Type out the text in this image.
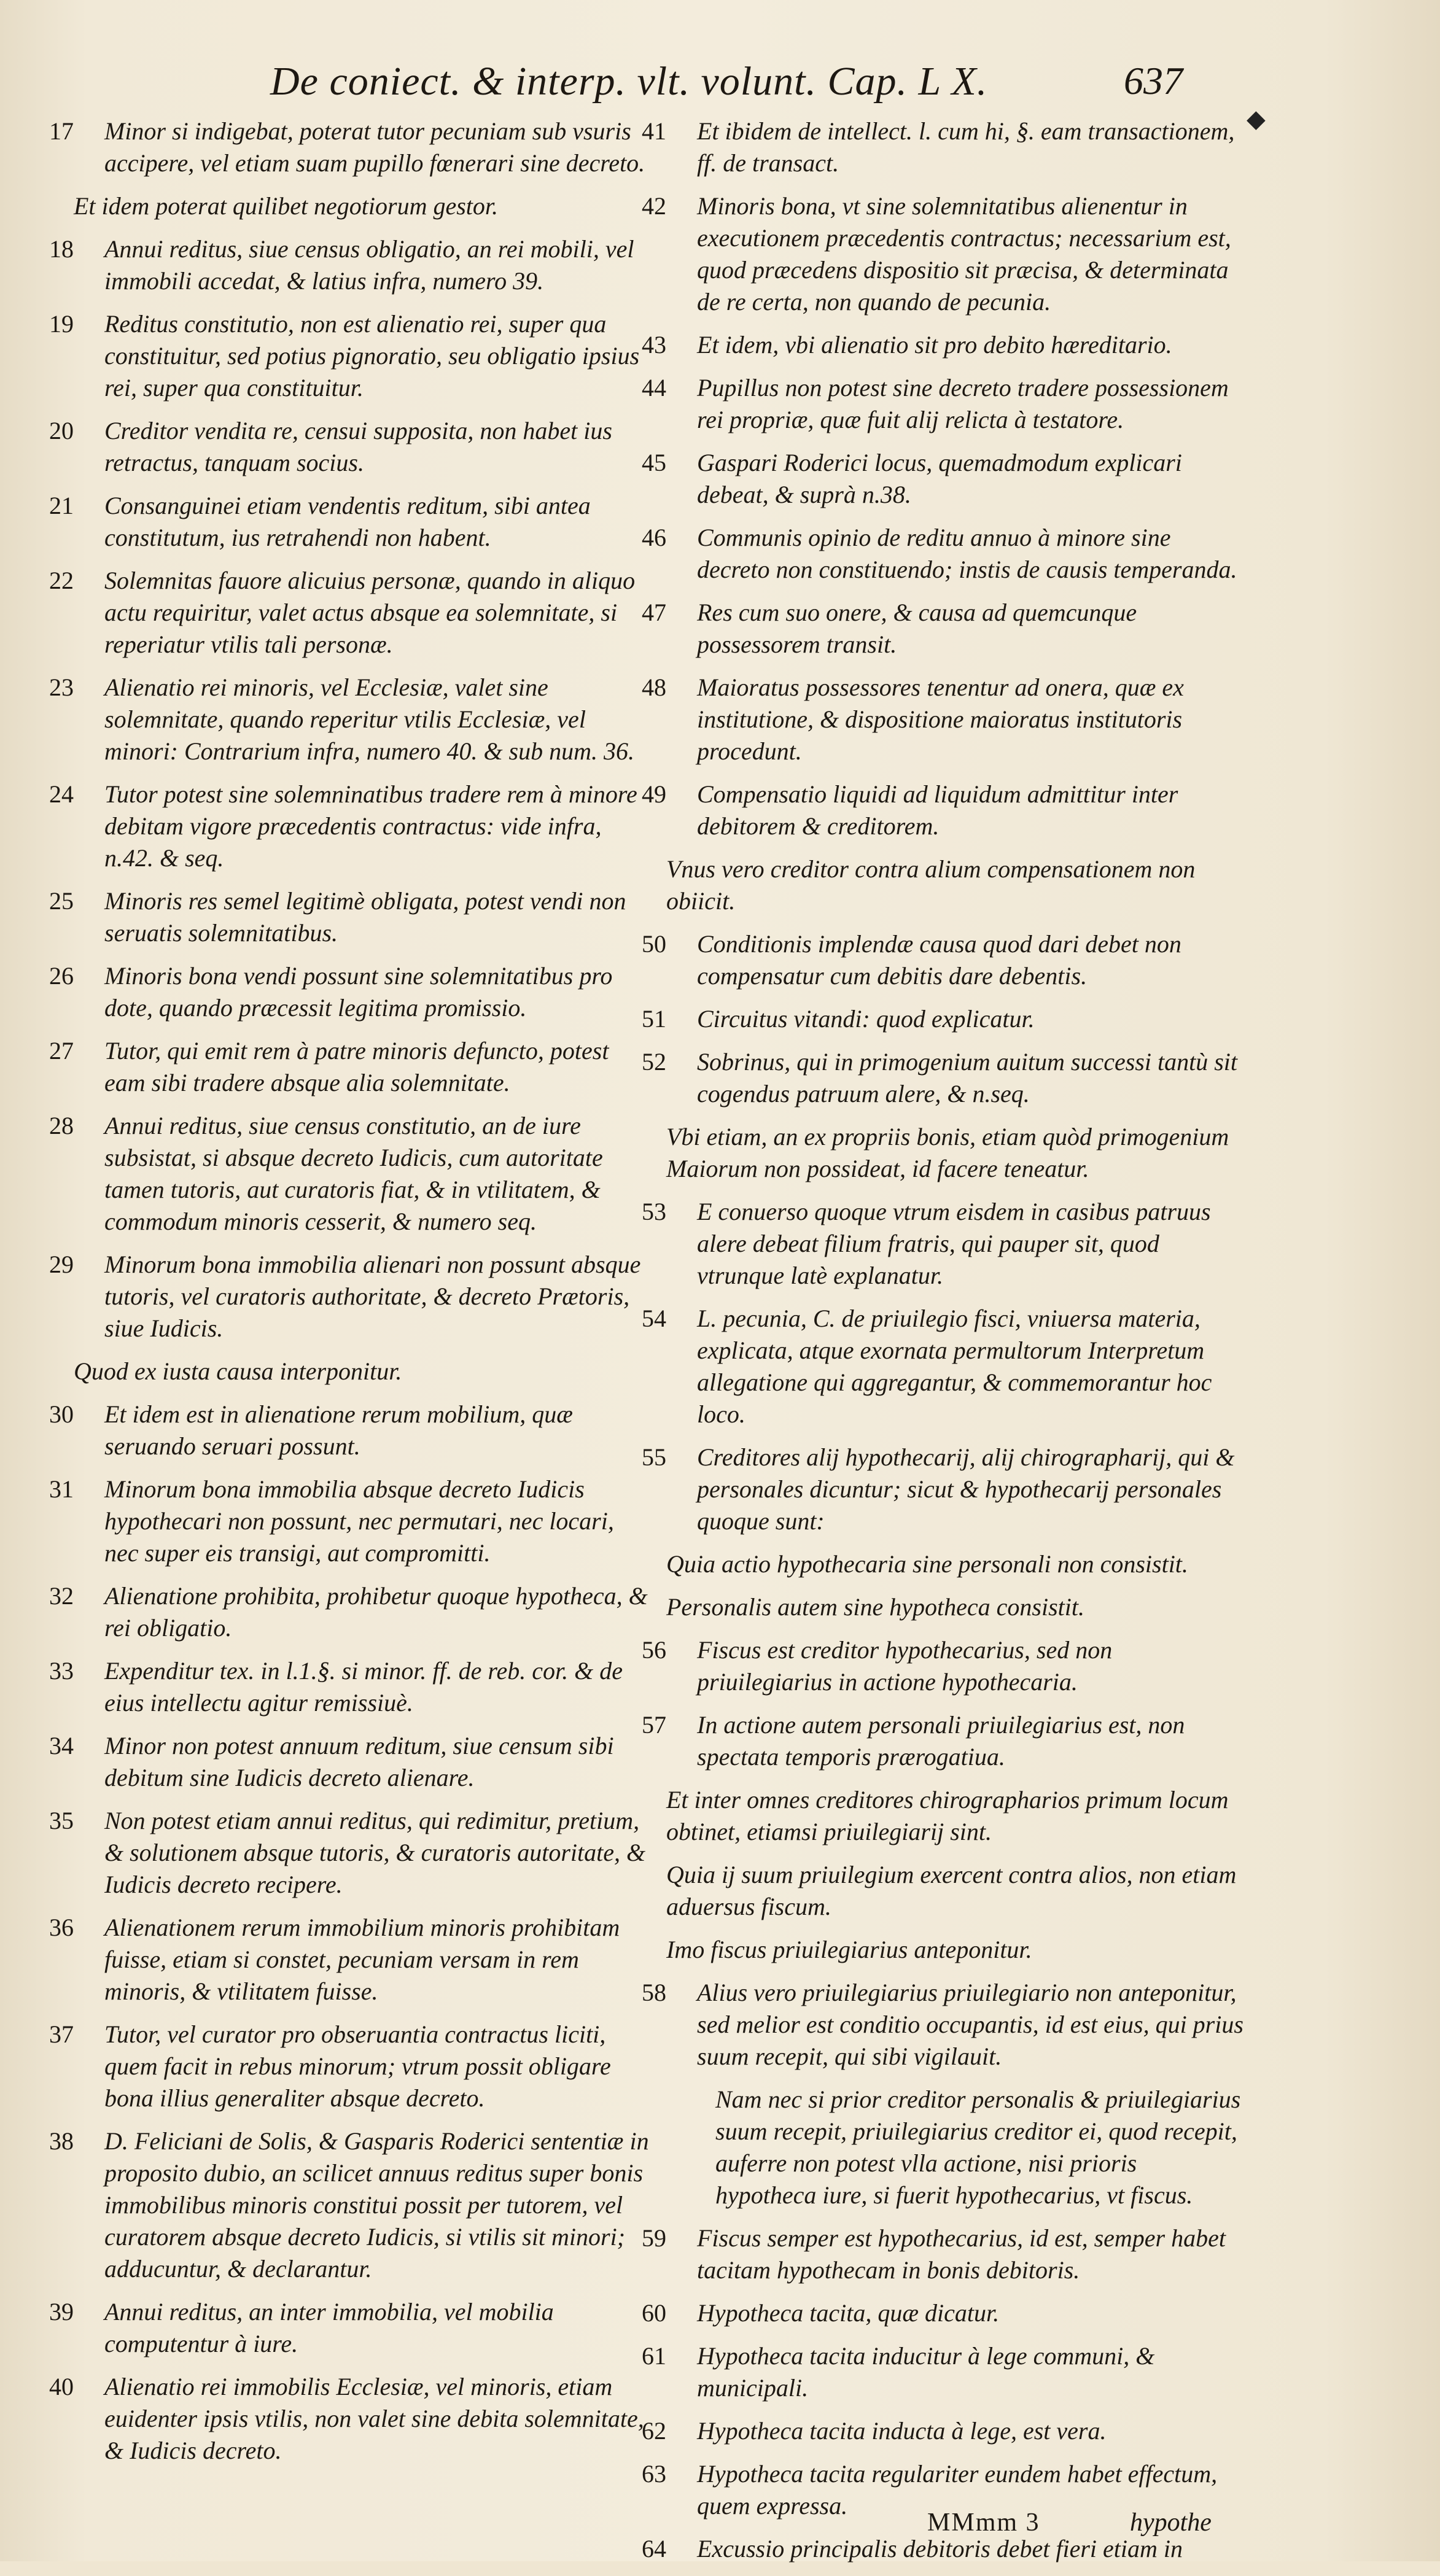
De coniect. & interp. vlt. volunt. Cap. L X.	637
◆
17	Minor si indigebat, poterat tutor pecuniam sub vsuris accipere, vel etiam suam pupillo fœnerari sine decreto.
Et idem poterat quilibet negotiorum gestor.
18	Annui reditus, siue census obligatio, an rei mobili, vel immobili accedat, & latius infra, numero 39.
19	Reditus constitutio, non est alienatio rei, super qua constituitur, sed potius pignoratio, seu obligatio ipsius rei, super qua constituitur.
20	Creditor vendita re, censui supposita, non habet ius retractus, tanquam socius.
21	Consanguinei etiam vendentis reditum, sibi antea constitutum, ius retrahendi non habent.
22	Solemnitas fauore alicuius personæ, quando in aliquo actu requiritur, valet actus absque ea solemnitate, si reperiatur vtilis tali personæ.
23	Alienatio rei minoris, vel Ecclesiæ, valet sine solemnitate, quando reperitur vtilis Ecclesiæ, vel minori: Contrarium infra, numero 40. & sub num. 36.
24	Tutor potest sine solemninatibus tradere rem à minore debitam vigore præcedentis contractus: vide infra, n.42. & seq.
25	Minoris res semel legitimè obligata, potest vendi non seruatis solemnitatibus.
26	Minoris bona vendi possunt sine solemnitatibus pro dote, quando præcessit legitima promissio.
27	Tutor, qui emit rem à patre minoris defuncto, potest eam sibi tradere absque alia solemnitate.
28	Annui reditus, siue census constitutio, an de iure subsistat, si absque decreto Iudicis, cum autoritate tamen tutoris, aut curatoris fiat, & in vtilitatem, & commodum minoris cesserit, & numero seq.
29	Minorum bona immobilia alienari non possunt absque tutoris, vel curatoris authoritate, & decreto Prætoris, siue Iudicis.
Quod ex iusta causa interponitur.
30	Et idem est in alienatione rerum mobilium, quæ seruando seruari possunt.
31	Minorum bona immobilia absque decreto Iudicis hypothecari non possunt, nec permutari, nec locari, nec super eis transigi, aut compromitti.
32	Alienatione prohibita, prohibetur quoque hypotheca, & rei obligatio.
33	Expenditur tex. in l.1.§. si minor. ff. de reb. cor. & de eius intellectu agitur remissiuè.
34	Minor non potest annuum reditum, siue censum sibi debitum sine Iudicis decreto alienare.
35	Non potest etiam annui reditus, qui redimitur, pretium, & solutionem absque tutoris, & curatoris autoritate, & Iudicis decreto recipere.
36	Alienationem rerum immobilium minoris prohibitam fuisse, etiam si constet, pecuniam versam in rem minoris, & vtilitatem fuisse.
37	Tutor, vel curator pro obseruantia contractus liciti, quem facit in rebus minorum; vtrum possit obligare bona illius generaliter absque decreto.
38	D. Feliciani de Solis, & Gasparis Roderici sententiæ in proposito dubio, an scilicet annuus reditus super bonis immobilibus minoris constitui possit per tutorem, vel curatorem absque decreto Iudicis, si vtilis sit minori; adducuntur, & declarantur.
39	Annui reditus, an inter immobilia, vel mobilia computentur à iure.
40	Alienatio rei immobilis Ecclesiæ, vel minoris, etiam euidenter ipsis vtilis, non valet sine debita solemnitate, & Iudicis decreto.
41	Et ibidem de intellect. l. cum hi, §. eam transactionem, ff. de transact.
42	Minoris bona, vt sine solemnitatibus alienentur in executionem præcedentis contractus; necessarium est, quod præcedens dispositio sit præcisa, & determinata de re certa, non quando de pecunia.
43	Et idem, vbi alienatio sit pro debito hæreditario.
44	Pupillus non potest sine decreto tradere possessionem rei propriæ, quæ fuit alij relicta à testatore.
45	Gaspari Roderici locus, quemadmodum explicari debeat, & suprà n.38.
46	Communis opinio de reditu annuo à minore sine decreto non constituendo; instis de causis temperanda.
47	Res cum suo onere, & causa ad quemcunque possessorem transit.
48	Maioratus possessores tenentur ad onera, quæ ex institutione, & dispositione maioratus institutoris procedunt.
49	Compensatio liquidi ad liquidum admittitur inter debitorem & creditorem.
Vnus vero creditor contra alium compensationem non obiicit.
50	Conditionis implendæ causa quod dari debet non compensatur cum debitis dare debentis.
51	Circuitus vitandi: quod explicatur.
52	Sobrinus, qui in primogenium auitum successi tantù sit cogendus patruum alere, & n.seq.
Vbi etiam, an ex propriis bonis, etiam quòd primogenium Maiorum non possideat, id facere teneatur.
53	E conuerso quoque vtrum eisdem in casibus patruus alere debeat filium fratris, qui pauper sit, quod vtrunque latè explanatur.
54	L. pecunia, C. de priuilegio fisci, vniuersa materia, explicata, atque exornata permultorum Interpretum allegatione qui aggregantur, & commemorantur hoc loco.
55	Creditores alij hypothecarij, alij chirographarij, qui & personales dicuntur; sicut & hypothecarij personales quoque sunt:
Quia actio hypothecaria sine personali non consistit.
Personalis autem sine hypotheca consistit.
56	Fiscus est creditor hypothecarius, sed non priuilegiarius in actione hypothecaria.
57	In actione autem personali priuilegiarius est, non spectata temporis prærogatiua.
Et inter omnes creditores chirographarios primum locum obtinet, etiamsi priuilegiarij sint.
Quia ij suum priuilegium exercent contra alios, non etiam aduersus fiscum.
Imo fiscus priuilegiarius anteponitur.
58	Alius vero priuilegiarius priuilegiario non anteponitur, sed melior est conditio occupantis, id est eius, qui prius suum recepit, qui sibi vigilauit.
Nam nec si prior creditor personalis & priuilegiarius suum recepit, priuilegiarius creditor ei, quod recepit, auferre non potest vlla actione, nisi prioris hypotheca iure, si fuerit hypothecarius, vt fiscus.
59	Fiscus semper est hypothecarius, id est, semper habet tacitam hypothecam in bonis debitoris.
60	Hypotheca tacita, quæ dicatur.
61	Hypotheca tacita inducitur à lege communi, & municipali.
62	Hypotheca tacita inducta à lege, est vera.
63	Hypotheca tacita regulariter eundem habet effectum, quem expressa.
64	Excussio principalis debitoris debet fieri etiam in
MMmm 3	hypothe
